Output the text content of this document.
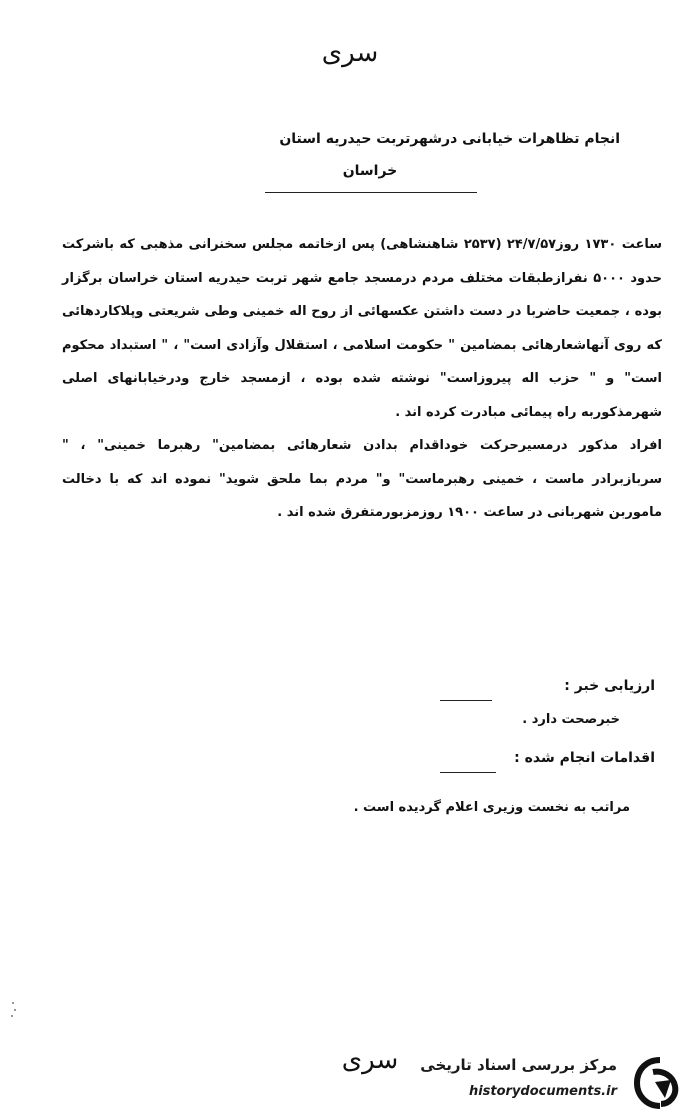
سری
انجام تظاهرات خیابانی درشهرتربت حیدریه استان
خراسان

ساعت ۱۷۳۰ روز۲۴/۷/۵۷ (۲۵۳۷ شاهنشاهی) پس ازخاتمه مجلس سخنرانی مذهبی که باشرکت حدود ۵۰۰۰ نفرازطبقات مختلف مردم درمسجد جامع شهر تربت حیدریه استان خراسان برگزار بوده ، جمعیت حاضربا در دست داشتن عکسهائی از روح اله خمینی وطی شریعتی وپلاکاردهائی که روی آنهاشعارهائی بمضامین " حکومت اسلامی ، استقلال وآزادی است" ، " استبداد محکوم است" و " حزب اله پیروزاست" نوشته شده بوده ، ازمسجد خارج ودرخیابانهای اصلی شهرمذکوربه راه پیمائی مبادرت کرده اند .

افراد مذکور درمسیرحرکت خوداقدام بدادن شعارهائی بمضامین" رهبرما خمینی" ، " سربازبرادر ماست ، خمینی رهبرماست" و" مردم بما ملحق شوید" نموده اند که با دخالت ماموربن شهربانی در ساعت ۱۹۰۰ روزمزبورمتفرق شده اند .

ارزیابی خبر :
خبرصحت دارد .
اقدامات انجام شده :
مراتب به نخست وزیری اعلام گردیده است .
سری	مرکز بررسی اسناد تاریخی
historydocuments.ir
